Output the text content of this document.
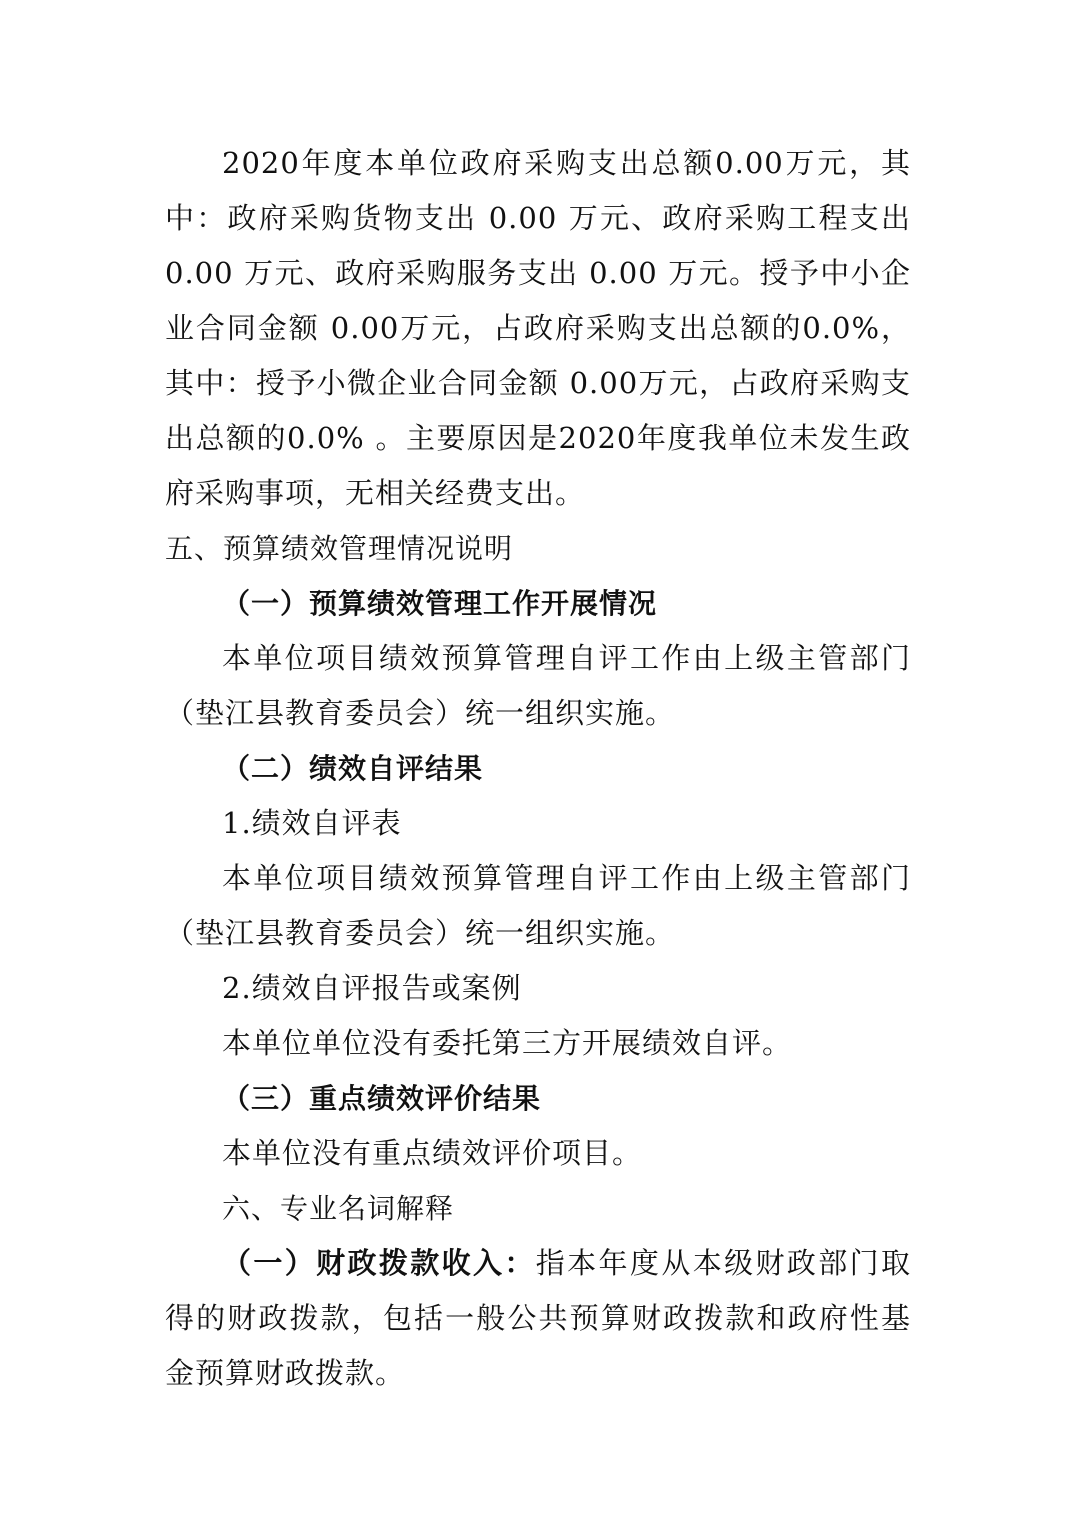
2020年度本单位政府采购支出总额0.00万元，其中：政府采购货物支出 0.00 万元、政府采购工程支出 0.00 万元、政府采购服务支出 0.00 万元。授予中小企业合同金额 0.00万元，占政府采购支出总额的0.0%，其中：授予小微企业合同金额 0.00万元，占政府采购支出总额的0.0% 。主要原因是2020年度我单位未发生政府采购事项，无相关经费支出。

五、预算绩效管理情况说明

（一）预算绩效管理工作开展情况

本单位项目绩效预算管理自评工作由上级主管部门（垫江县教育委员会）统一组织实施。

（二）绩效自评结果

1.绩效自评表

本单位项目绩效预算管理自评工作由上级主管部门（垫江县教育委员会）统一组织实施。

2.绩效自评报告或案例

本单位单位没有委托第三方开展绩效自评。

（三）重点绩效评价结果

本单位没有重点绩效评价项目。

六、专业名词解释

（一）财政拨款收入：指本年度从本级财政部门取得的财政拨款，包括一般公共预算财政拨款和政府性基金预算财政拨款。
